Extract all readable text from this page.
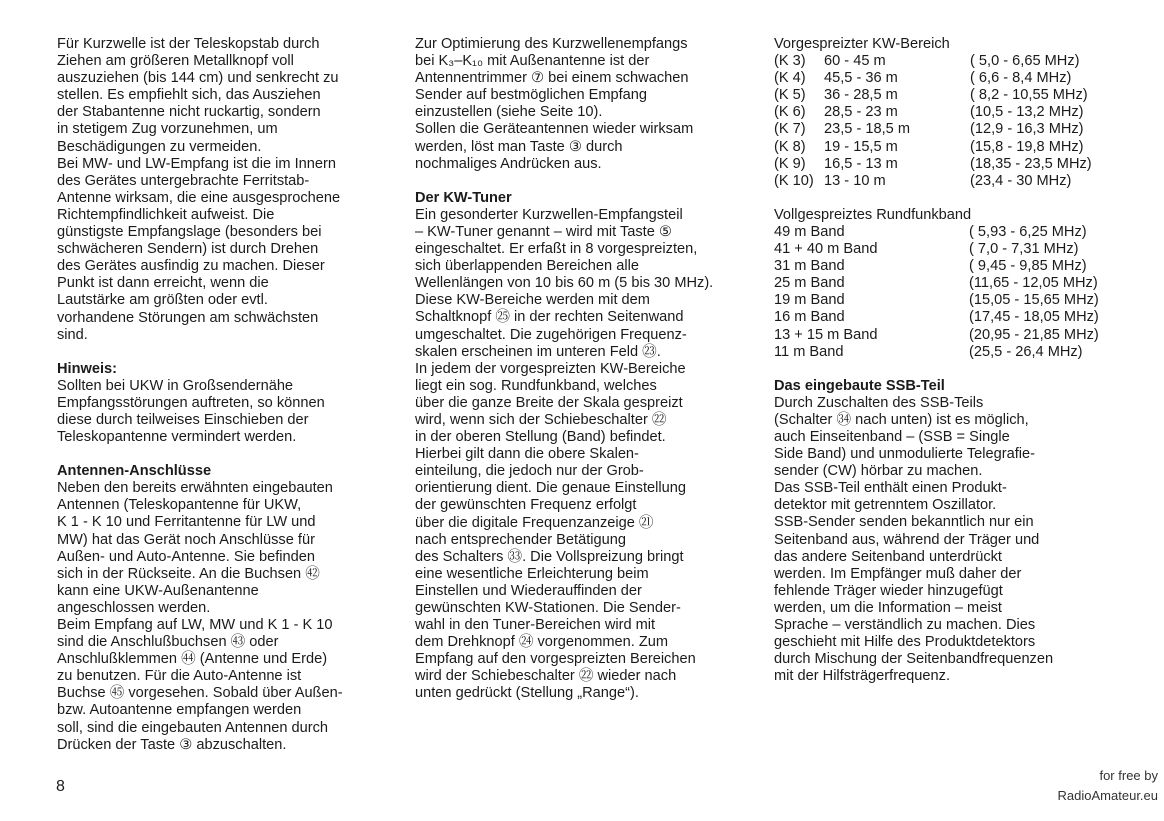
Für Kurzwelle ist der Teleskopstab durch

Ziehen am größeren Metallknopf voll

auszuziehen (bis 144 cm) und senkrecht zu

stellen. Es empfiehlt sich, das Ausziehen

der Stabantenne nicht ruckartig, sondern

in stetigem Zug vorzunehmen, um

Beschädigungen zu vermeiden.

Bei MW- und LW-Empfang ist die im Innern

des Gerätes untergebrachte Ferritstab-

Antenne wirksam, die eine ausgesprochene

Richtempfindlichkeit aufweist. Die

günstigste Empfangslage (besonders bei

schwächeren Sendern) ist durch Drehen

des Gerätes ausfindig zu machen. Dieser

Punkt ist dann erreicht, wenn die

Lautstärke am größten oder evtl.

vorhandene Störungen am schwächsten

sind.

Hinweis:

Sollten bei UKW in Großsendernähe

Empfangsstörungen auftreten, so können

diese durch teilweises Einschieben der

Teleskopantenne vermindert werden.

Antennen-Anschlüsse

Neben den bereits erwähnten eingebauten

Antennen (Teleskopantenne für UKW,

K 1 - K 10 und Ferritantenne für LW und

MW) hat das Gerät noch Anschlüsse für

Außen- und Auto-Antenne. Sie befinden

sich in der Rückseite. An die Buchsen ㊷

kann eine UKW-Außenantenne

angeschlossen werden.

Beim Empfang auf LW, MW und K 1 - K 10

sind die Anschlußbuchsen ㊸ oder

Anschlußklemmen ㊹ (Antenne und Erde)

zu benutzen. Für die Auto-Antenne ist

Buchse ㊺ vorgesehen. Sobald über Außen-

bzw. Autoantenne empfangen werden

soll, sind die eingebauten Antennen durch

Drücken der Taste ③ abzuschalten.

Zur Optimierung des Kurzwellenempfangs

bei K₃–K₁₀ mit Außenantenne ist der

Antennentrimmer ⑦ bei einem schwachen

Sender auf bestmöglichen Empfang

einzustellen (siehe Seite 10).

Sollen die Geräteantennen wieder wirksam

werden, löst man Taste ③ durch

nochmaliges Andrücken aus.

Der KW-Tuner

Ein gesonderter Kurzwellen-Empfangsteil

– KW-Tuner genannt – wird mit Taste ⑤

eingeschaltet. Er erfaßt in 8 vorgespreizten,

sich überlappenden Bereichen alle

Wellenlängen von 10 bis 60 m (5 bis 30 MHz).

Diese KW-Bereiche werden mit dem

Schaltknopf ㉕ in der rechten Seitenwand

umgeschaltet. Die zugehörigen Frequenz-

skalen erscheinen im unteren Feld ㉓.

In jedem der vorgespreizten KW-Bereiche

liegt ein sog. Rundfunkband, welches

über die ganze Breite der Skala gespreizt

wird, wenn sich der Schiebeschalter ㉒

in der oberen Stellung (Band) befindet.

Hierbei gilt dann die obere Skalen-

einteilung, die jedoch nur der Grob-

orientierung dient. Die genaue Einstellung

der gewünschten Frequenz erfolgt

über die digitale Frequenzanzeige ㉑

nach entsprechender Betätigung

des Schalters ㉝. Die Vollspreizung bringt

eine wesentliche Erleichterung beim

Einstellen und Wiederauffinden der

gewünschten KW-Stationen. Die Sender-

wahl in den Tuner-Bereichen wird mit

dem Drehknopf ㉔ vorgenommen. Zum

Empfang auf den vorgespreizten Bereichen

wird der Schiebeschalter ㉒ wieder nach

unten gedrückt (Stellung „Range“).

Vorgespreizter KW-Bereich

(K 3)	60 - 45 m	( 5,0 - 6,65 MHz)
(K 4)	45,5 - 36 m	( 6,6 - 8,4 MHz)
(K 5)	36 - 28,5 m	( 8,2 - 10,55 MHz)
(K 6)	28,5 - 23 m	(10,5 - 13,2 MHz)
(K 7)	23,5 - 18,5 m	(12,9 - 16,3 MHz)
(K 8)	19 - 15,5 m	(15,8 - 19,8 MHz)
(K 9)	16,5 - 13 m	(18,35 - 23,5 MHz)
(K 10)	13 - 10 m	(23,4 - 30 MHz)

Vollgespreiztes Rundfunkband

49 m Band	( 5,93 - 6,25 MHz)
41 + 40 m Band	( 7,0 - 7,31 MHz)
31 m Band	( 9,45 - 9,85 MHz)
25 m Band	(11,65 - 12,05 MHz)
19 m Band	(15,05 - 15,65 MHz)
16 m Band	(17,45 - 18,05 MHz)
13 + 15 m Band	(20,95 - 21,85 MHz)
11 m Band	(25,5 - 26,4 MHz)
Das eingebaute SSB-Teil

Durch Zuschalten des SSB-Teils

(Schalter ㉞ nach unten) ist es möglich,

auch Einseitenband – (SSB = Single

Side Band) und unmodulierte Telegrafie-

sender (CW) hörbar zu machen.

Das SSB-Teil enthält einen Produkt-

detektor mit getrenntem Oszillator.

SSB-Sender senden bekanntlich nur ein

Seitenband aus, während der Träger und

das andere Seitenband unterdrückt

werden. Im Empfänger muß daher der

fehlende Träger wieder hinzugefügt

werden, um die Information – meist

Sprache – verständlich zu machen. Dies

geschieht mit Hilfe des Produktdetektors

durch Mischung der Seitenbandfrequenzen

mit der Hilfsträgerfrequenz.

8
for free by
RadioAmateur.eu
